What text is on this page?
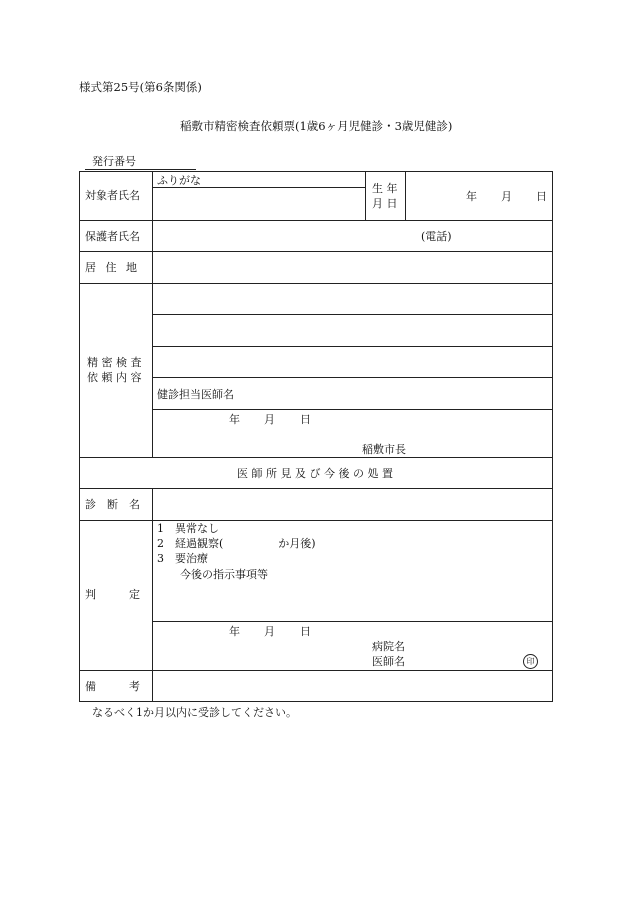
様式第25号(第6条関係)
稲敷市精密検査依頼票(1歳6ヶ月児健診・3歳児健診)
発行番号
対象者氏名
ふりがな
生 年
月 日
年 月 日
保護者氏名	(電話)
居 住 地
精 密 検 査
依 頼 内 容
健診担当医師名
年 月 日
稲敷市長
医 師 所 見 及 び 今 後 の 処 置
診　断　名
判　　　定
1　異常なし
2　経過観察(　　　　　か月後)
3　要治療
今後の指示事項等
年 月 日
病院名
医師名	印
備　　　考
なるべく1か月以内に受診してください。
